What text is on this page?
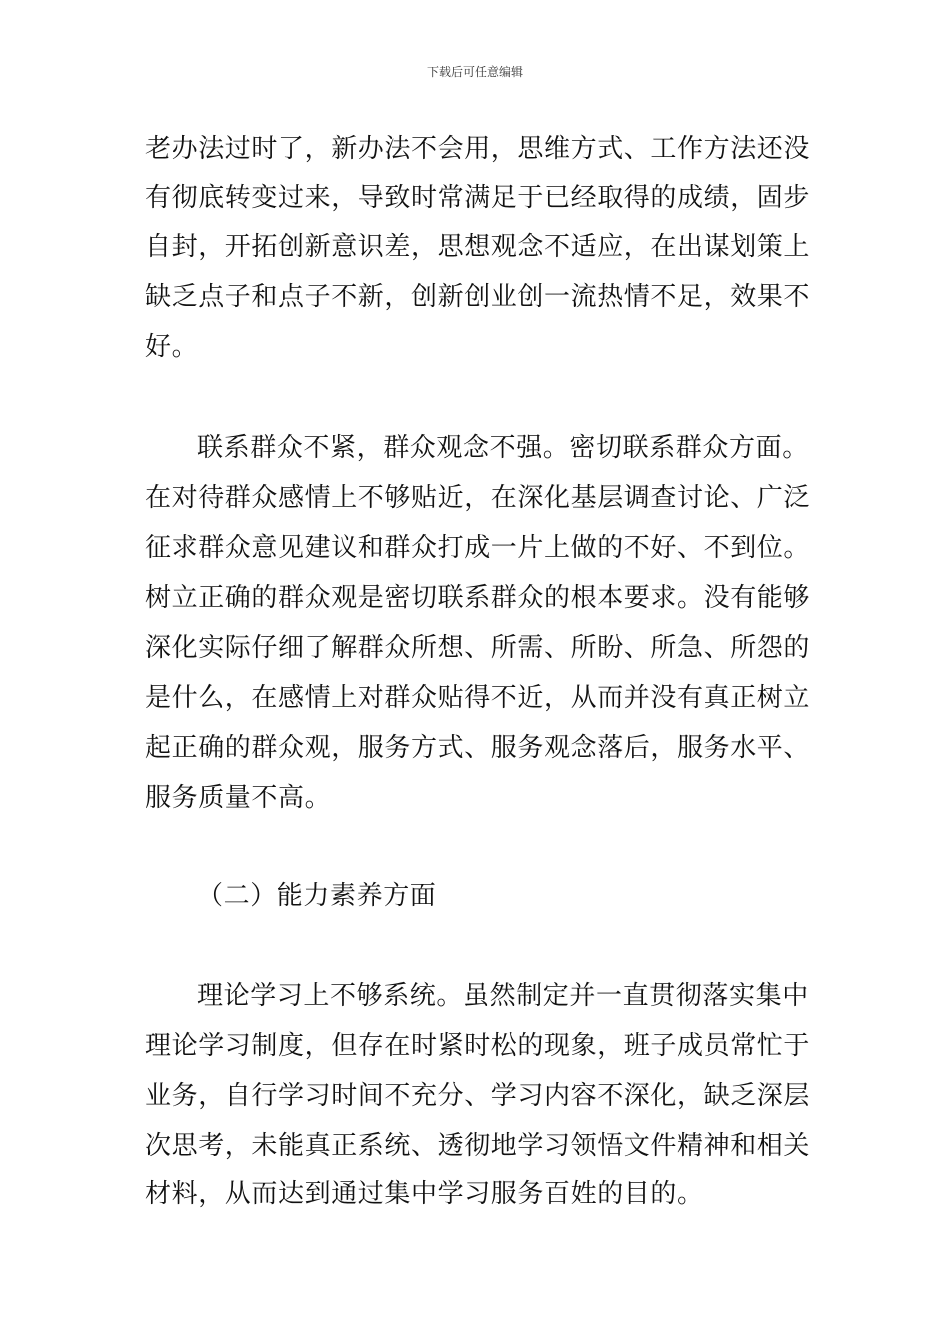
下载后可任意编辑
老办法过时了，新办法不会用，思维方式、工作方法还没
有彻底转变过来，导致时常满足于已经取得的成绩，固步
自封，开拓创新意识差，思想观念不适应，在出谋划策上
缺乏点子和点子不新，创新创业创一流热情不足，效果不
好。
联系群众不紧，群众观念不强。密切联系群众方面。
在对待群众感情上不够贴近，在深化基层调查讨论、广泛
征求群众意见建议和群众打成一片上做的不好、不到位。
树立正确的群众观是密切联系群众的根本要求。没有能够
深化实际仔细了解群众所想、所需、所盼、所急、所怨的
是什么，在感情上对群众贴得不近，从而并没有真正树立
起正确的群众观，服务方式、服务观念落后，服务水平、
服务质量不高。
（二）能力素养方面
理论学习上不够系统。虽然制定并一直贯彻落实集中
理论学习制度，但存在时紧时松的现象，班子成员常忙于
业务，自行学习时间不充分、学习内容不深化，缺乏深层
次思考，未能真正系统、透彻地学习领悟文件精神和相关
材料，从而达到通过集中学习服务百姓的目的。
